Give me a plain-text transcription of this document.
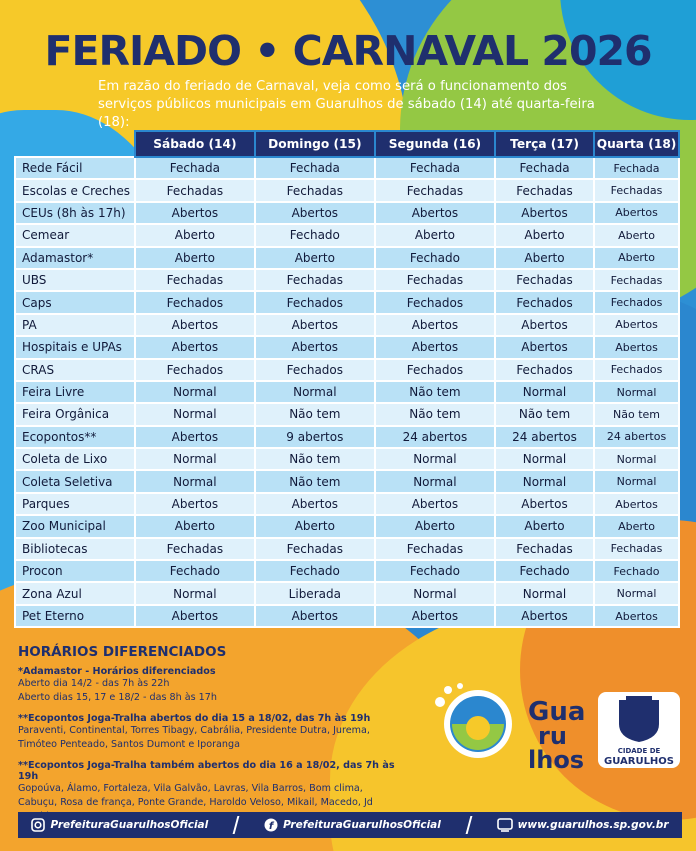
FERIADO • CARNAVAL 2026
Em razão do feriado de Carnaval, veja como será o funcionamento dos serviços públicos municipais em Guarulhos de sábado (14) até quarta-feira (18):
	Sábado (14)	Domingo (15)	Segunda (16)	Terça (17)	Quarta (18)
Rede Fácil	Fechada	Fechada	Fechada	Fechada	Fechada
Escolas e Creches	Fechadas	Fechadas	Fechadas	Fechadas	Fechadas
CEUs (8h às 17h)	Abertos	Abertos	Abertos	Abertos	Abertos
Cemear	Aberto	Fechado	Aberto	Aberto	Aberto
Adamastor*	Aberto	Aberto	Fechado	Aberto	Aberto
UBS	Fechadas	Fechadas	Fechadas	Fechadas	Fechadas
Caps	Fechados	Fechados	Fechados	Fechados	Fechados
PA	Abertos	Abertos	Abertos	Abertos	Abertos
Hospitais e UPAs	Abertos	Abertos	Abertos	Abertos	Abertos
CRAS	Fechados	Fechados	Fechados	Fechados	Fechados
Feira Livre	Normal	Normal	Não tem	Normal	Normal
Feira Orgânica	Normal	Não tem	Não tem	Não tem	Não tem
Ecopontos**	Abertos	9 abertos	24 abertos	24 abertos	24 abertos
Coleta de Lixo	Normal	Não tem	Normal	Normal	Normal
Coleta Seletiva	Normal	Não tem	Normal	Normal	Normal
Parques	Abertos	Abertos	Abertos	Abertos	Abertos
Zoo Municipal	Aberto	Aberto	Aberto	Aberto	Aberto
Bibliotecas	Fechadas	Fechadas	Fechadas	Fechadas	Fechadas
Procon	Fechado	Fechado	Fechado	Fechado	Fechado
Zona Azul	Normal	Liberada	Normal	Normal	Normal
Pet Eterno	Abertos	Abertos	Abertos	Abertos	Abertos
HORÁRIOS DIFERENCIADOS
*Adamastor - Horários diferenciados

Aberto dia 14/2 - das 7h às 22h

Aberto dias 15, 17 e 18/2 - das 8h às 17h

**Ecopontos Joga-Tralha abertos do dia 15 a 18/02, das 7h às 19h

Paraventi, Continental, Torres Tibagy, Cabrália, Presidente Dutra, Jurema, Timóteo Penteado, Santos Dumont e Iporanga

**Ecopontos Joga-Tralha também abertos do dia 16 a 18/02, das 7h às 19h

Gopoúva, Álamo, Fortaleza, Vila Galvão, Lavras, Vila Barros, Bom clima, Cabuçu, Rosa de frança, Ponte Grande, Haroldo Veloso, Mikail, Macedo, Jd

Gua
ru
lhos	CIDADE DE
GUARULHOS
PrefeituraGuarulhosOficial	f PrefeituraGuarulhosOficial	www.guarulhos.sp.gov.br
